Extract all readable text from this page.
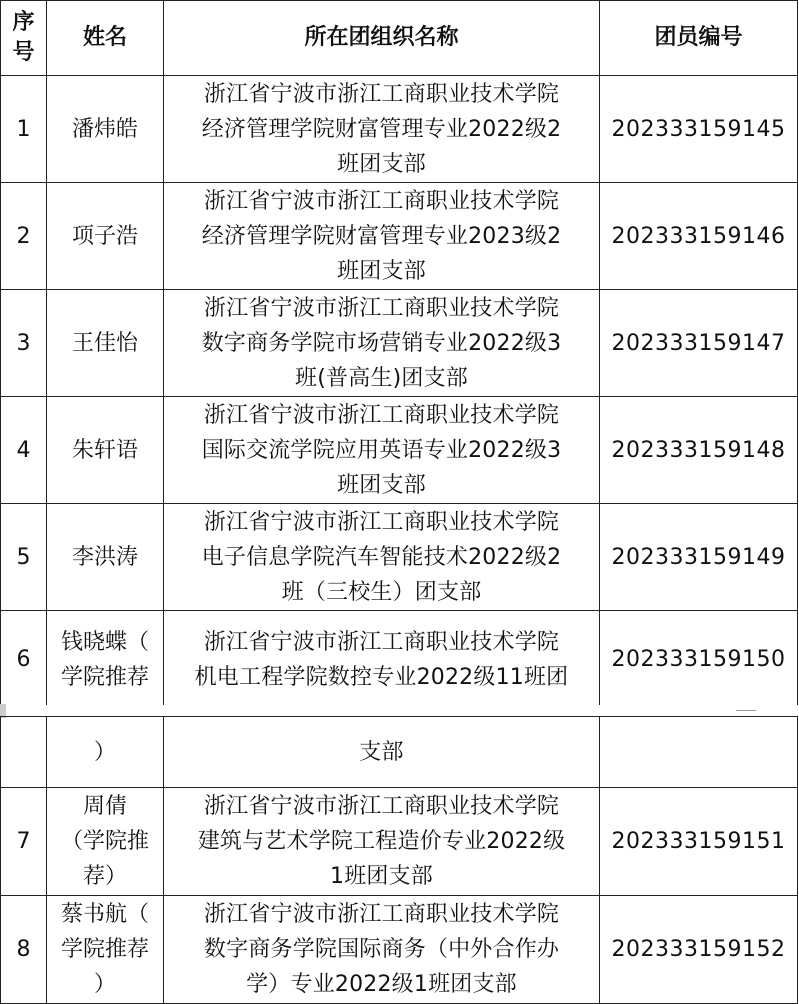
序
号	姓名	所在团组织名称	团员编号

1	潘炜皓	浙江省宁波市浙江工商职业技术学院
经济管理学院财富管理专业2022级2
班团支部	202333159145

2	项子浩	浙江省宁波市浙江工商职业技术学院
经济管理学院财富管理专业2023级2
班团支部	202333159146

3	王佳怡	浙江省宁波市浙江工商职业技术学院
数字商务学院市场营销专业2022级3
班(普高生)团支部	202333159147

4	朱轩语	浙江省宁波市浙江工商职业技术学院
国际交流学院应用英语专业2022级3
班团支部	202333159148

5	李洪涛	浙江省宁波市浙江工商职业技术学院
电子信息学院汽车智能技术2022级2
班（三校生）团支部	202333159149

6	钱晓蝶（
学院推荐	浙江省宁波市浙江工商职业技术学院
机电工程学院数控专业2022级11班团	202333159150

	）	支部	

7	周倩
（学院推
荐）	浙江省宁波市浙江工商职业技术学院
建筑与艺术学院工程造价专业2022级
1班团支部	202333159151

8	蔡书航（
学院推荐
）	浙江省宁波市浙江工商职业技术学院
数字商务学院国际商务（中外合作办
学）专业2022级1班团支部	202333159152
